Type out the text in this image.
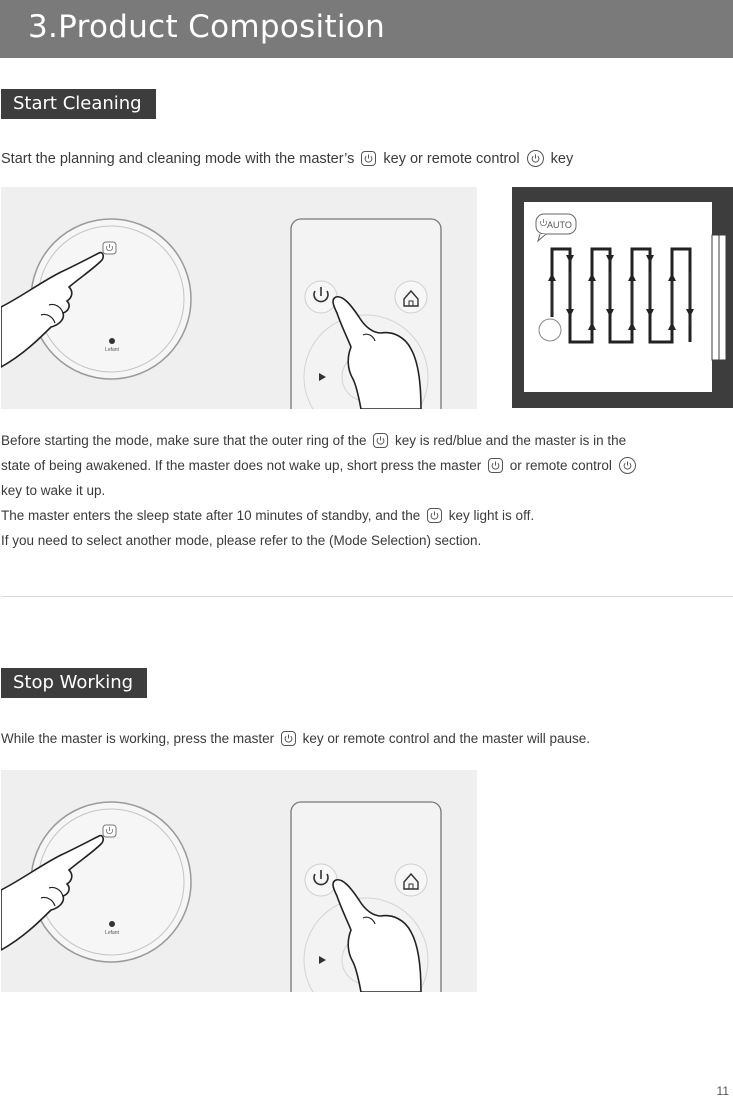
3.Product Composition
Start Cleaning
Start the planning and cleaning mode with the master’s key or remote control key
Lefant
AUTO

Before starting the mode, make sure that the outer ring of the key is red/blue and the master is in the

state of being awakened. If the master does not wake up, short press the master or remote control

key to wake it up.

The master enters the sleep state after 10 minutes of standby, and the key light is off.

If you need to select another mode, please refer to the (Mode Selection) section.

Stop Working
While the master is working, press the master key or remote control and the master will pause.
Lefant
11
